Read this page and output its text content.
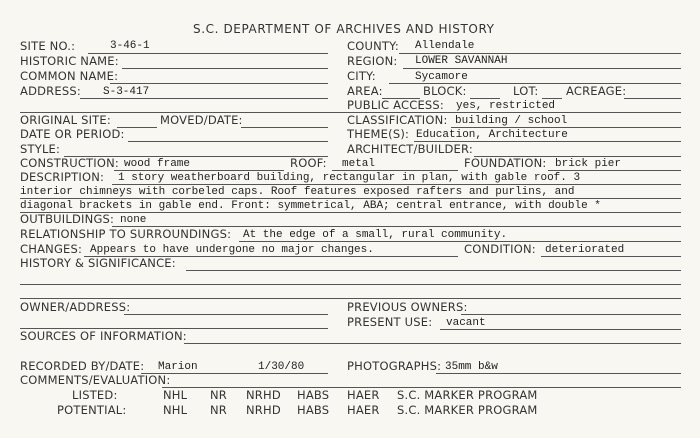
S.C. DEPARTMENT OF ARCHIVES AND HISTORY
SITE NO.:	3-46-1	COUNTY: Allendale
HISTORIC NAME:	REGION: LOWER SAVANNAH
COMMON NAME:	CITY:	Sycamore
ADDRESS: S-3-417	AREA:	BLOCK:	LOT: ACREAGE:
PUBLIC ACCESS: yes, restricted
ORIGINAL SITE:	MOVED/DATE:	CLASSIFICATION: building / school
DATE OR PERIOD:	THEME(S): Education, Architecture
STYLE:	ARCHITECT/BUILDER:
CONSTRUCTION: wood frame	ROOF: metal	FOUNDATION: brick pier
DESCRIPTION: 1 story weatherboard building, rectangular in plan, with gable roof. 3
interior chimneys with corbeled caps. Roof features exposed rafters and purlins, and
diagonal brackets in gable end. Front: symmetrical, ABA; central entrance, with double *
OUTBUILDINGS: none
RELATIONSHIP TO SURROUNDINGS: At the edge of a small, rural community.
CHANGES: Appears to have undergone no major changes.	CONDITION: deteriorated
HISTORY & SIGNIFICANCE:
OWNER/ADDRESS:	PREVIOUS OWNERS:
PRESENT USE: vacant
SOURCES OF INFORMATION:
RECORDED BY/DATE: Marion	1/30/80	PHOTOGRAPHS: 35mm b&w
COMMENTS/EVALUATION:
LISTED:	NHL NR NRHD HABS HAER S.C. MARKER PROGRAM
POTENTIAL:	NHL NR NRHD HABS HAER S.C. MARKER PROGRAM
